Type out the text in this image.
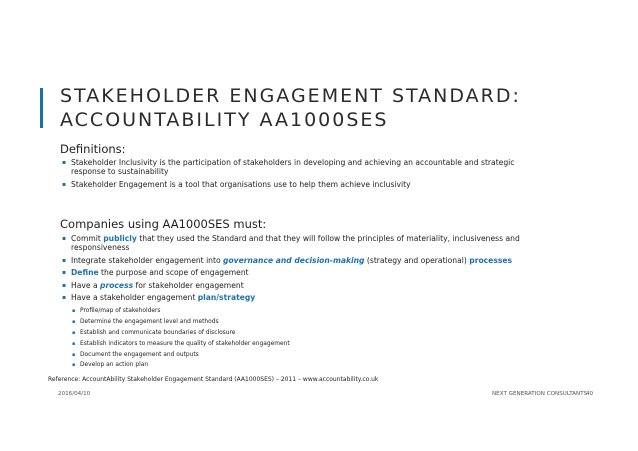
STAKEHOLDER ENGAGEMENT STANDARD:
ACCOUNTABILITY AA1000SES
Definitions:
▪ Stakeholder Inclusivity is the participation of stakeholders in developing and achieving an accountable and strategic
response to sustainability
▪ Stakeholder Engagement is a tool that organisations use to help them achieve inclusivity
Companies using AA1000SES must:
▪ Commit publicly that they used the Standard and that they will follow the principles of materiality, inclusiveness and
responsiveness
▪ Integrate stakeholder engagement into governance and decision-making (strategy and operational) processes
▪ Define the purpose and scope of engagement
▪ Have a process for stakeholder engagement
▪ Have a stakeholder engagement plan/strategy
▪ Profile/map of stakeholders
▪ Determine the engagement level and methods
▪ Establish and communicate boundaries of disclosure
▪ Establish indicators to measure the quality of stakeholder engagement
▪ Document the engagement and outputs
▪ Develop an action plan
Reference: AccountAbility Stakeholder Engagement Standard (AA1000SES) – 2011 – www.accountability.co.uk
2016/04/10	NEXT GENERATION CONSULTANTS
40
